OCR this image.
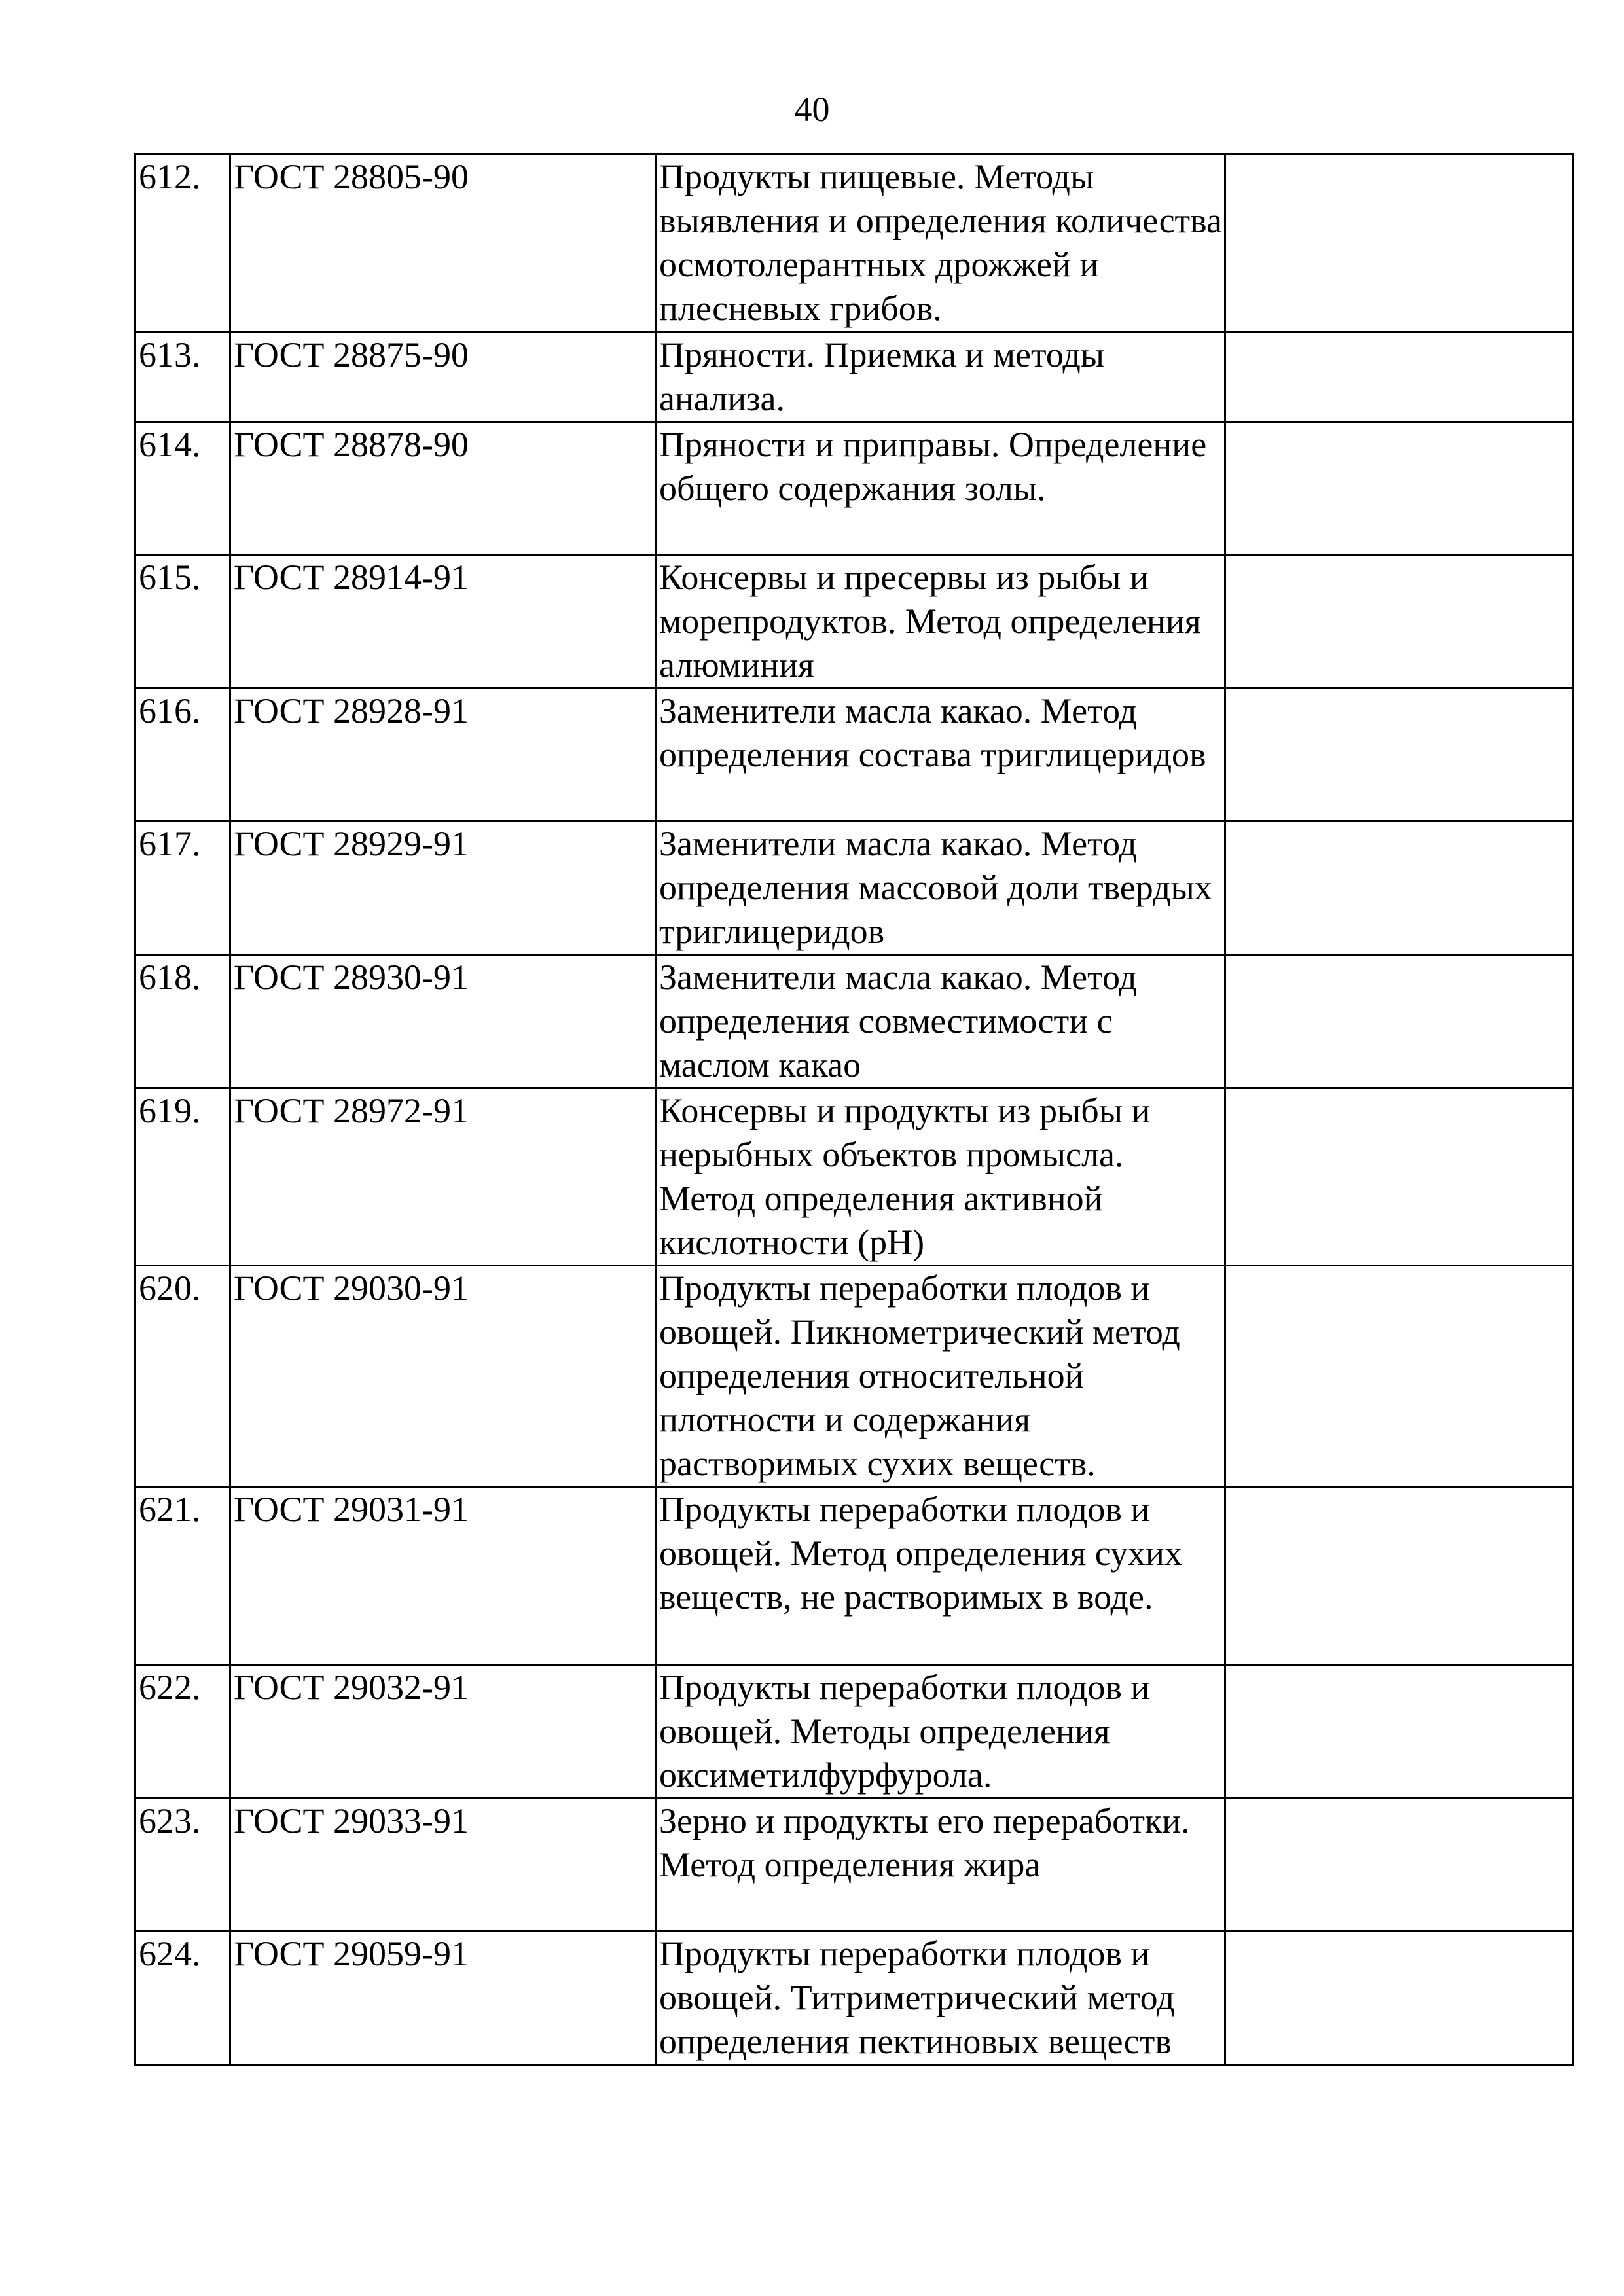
40
612.	ГОСТ 28805-90	Продукты пищевые. Методы выявления и определения количества осмотолерантных дрожжей и плесневых грибов.	
613.	ГОСТ 28875-90	Пряности. Приемка и методы анализа.	
614.	ГОСТ 28878-90	Пряности и приправы. Определение общего содержания золы.	
615.	ГОСТ 28914-91	Консервы и пресервы из рыбы и морепродуктов. Метод определения алюминия	
616.	ГОСТ 28928-91	Заменители масла какао. Метод определения состава триглицеридов	
617.	ГОСТ 28929-91	Заменители масла какао. Метод определения массовой доли твердых триглицеридов	
618.	ГОСТ 28930-91	Заменители масла какао. Метод определения совместимости с маслом какао	
619.	ГОСТ 28972-91	Консервы и продукты из рыбы и нерыбных объектов промысла. Метод определения активной кислотности (pH)	
620.	ГОСТ 29030-91	Продукты переработки плодов и овощей. Пикнометрический метод определения относительной плотности и содержания растворимых сухих веществ.	
621.	ГОСТ 29031-91	Продукты переработки плодов и овощей. Метод определения сухих веществ, не растворимых в воде.	
622.	ГОСТ 29032-91	Продукты переработки плодов и овощей. Методы определения оксиметилфурфурола.	
623.	ГОСТ 29033-91	Зерно и продукты его переработки. Метод определения жира	
624.	ГОСТ 29059-91	Продукты переработки плодов и овощей. Титриметрический метод определения пектиновых веществ	
